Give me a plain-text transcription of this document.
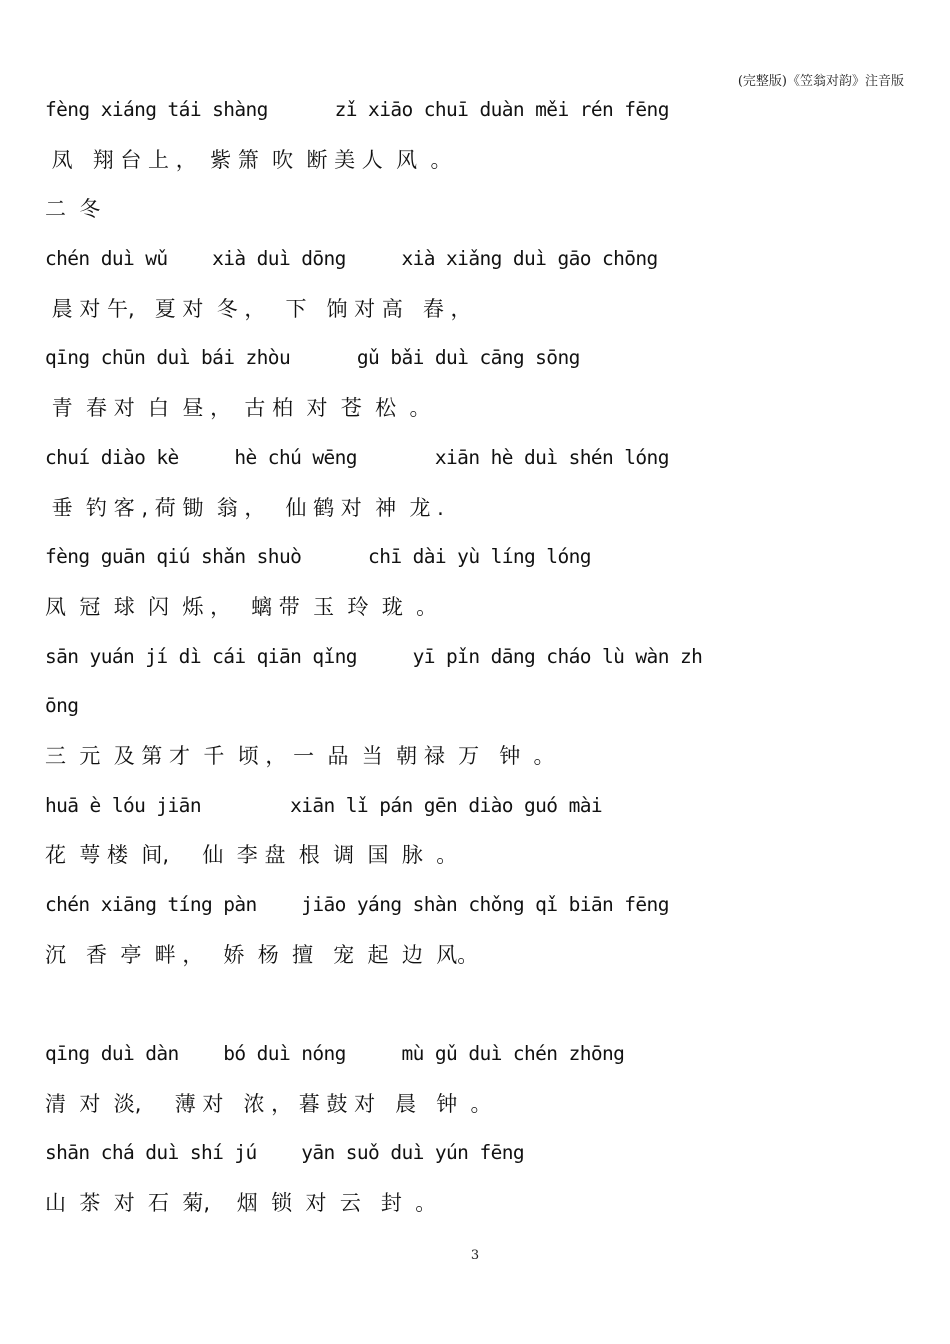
(完整版)《笠翁对韵》注音版
fèng xiáng tái shàng      zǐ xiāo chuī duàn měi rén fēng
凤   翔 台 上 ，  紫 箫  吹  断 美 人  风  。
二  冬
chén duì wǔ    xià duì dōng     xià xiǎng duì gāo chōng
晨 对 午,   夏 对  冬 ，   下   饷 对 高   舂 ，
qīng chūn duì bái zhòu      gǔ bǎi duì cāng sōng
青  春 对  白  昼 ，  古 柏  对  苍  松  。
chuí diào kè     hè chú wēng       xiān hè duì shén lóng
垂  钓 客 , 荷 锄  翁 ，   仙 鹤 对  神  龙 .
fèng guān qiú shǎn shuò      chī dài yù líng lóng
凤  冠  球  闪  烁 ，   螭 带  玉  玲  珑  。
sān yuán jí dì cái qiān qǐng     yī pǐn dāng cháo lù wàn zh
ōng
三  元  及 第 才  千  顷 ， 一  品  当  朝 禄  万   钟  。
huā è lóu jiān        xiān lǐ pán gēn diào guó mài
花  萼 楼  间,     仙  李 盘  根  调  国  脉  。
chén xiāng tíng pàn    jiāo yáng shàn chǒng qǐ biān fēng
沉   香  亭  畔 ，   娇  杨  擅   宠  起  边  风。
qīng duì dàn    bó duì nóng     mù gǔ duì chén zhōng
清  对  淡,     薄 对   浓 ， 暮 鼓 对   晨   钟  。
shān chá duì shí jú    yān suǒ duì yún fēng
山  茶  对  石  菊,    烟  锁  对  云   封  。
3
